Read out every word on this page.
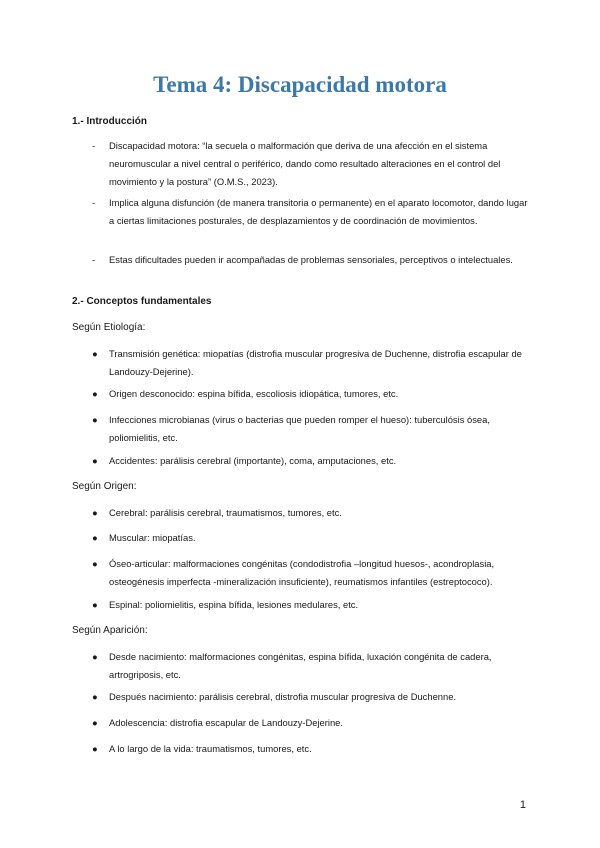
Tema 4: Discapacidad motora

1.- Introducción

-	Discapacidad motora: “la secuela o malformación que deriva de una afección en el sistema neuromuscular a nivel central o periférico, dando como resultado alteraciones en el control del movimiento y la postura” (O.M.S., 2023).
-	Implica alguna disfunción (de manera transitoria o permanente) en el aparato locomotor, dando lugar a ciertas limitaciones posturales, de desplazamientos y de coordinación de movimientos.
-	Estas dificultades pueden ir acompañadas de problemas sensoriales, perceptivos o intelectuales.

2.- Conceptos fundamentales

Según Etiología:

●	Transmisión genética: miopatías (distrofia muscular progresiva de Duchenne, distrofia escapular de Landouzy-Dejerine).
●	Origen desconocido: espina bífida, escoliosis idiopática, tumores, etc.
●	Infecciones microbianas (virus o bacterias que pueden romper el hueso): tuberculósis ósea, poliomielitis, etc.
●	Accidentes: parálisis cerebral (importante), coma, amputaciones, etc.

Según Origen:

●	Cerebral: parálisis cerebral, traumatismos, tumores, etc.
●	Muscular: miopatías.
●	Óseo-articular: malformaciones congénitas (condodistrofia –longitud huesos-, acondroplasia, osteogénesis imperfecta -mineralización insuficiente), reumatismos infantiles (estreptococo).
●	Espinal: poliomielitis, espina bífida, lesiones medulares, etc.

Según Aparición:

●	Desde nacimiento: malformaciones congénitas, espina bífida, luxación congénita de cadera, artrogriposis, etc.
●	Después nacimiento: parálisis cerebral, distrofia muscular progresiva de Duchenne.
●	Adolescencia: distrofia escapular de Landouzy-Dejerine.
●	A lo largo de la vida: traumatismos, tumores, etc.
1
